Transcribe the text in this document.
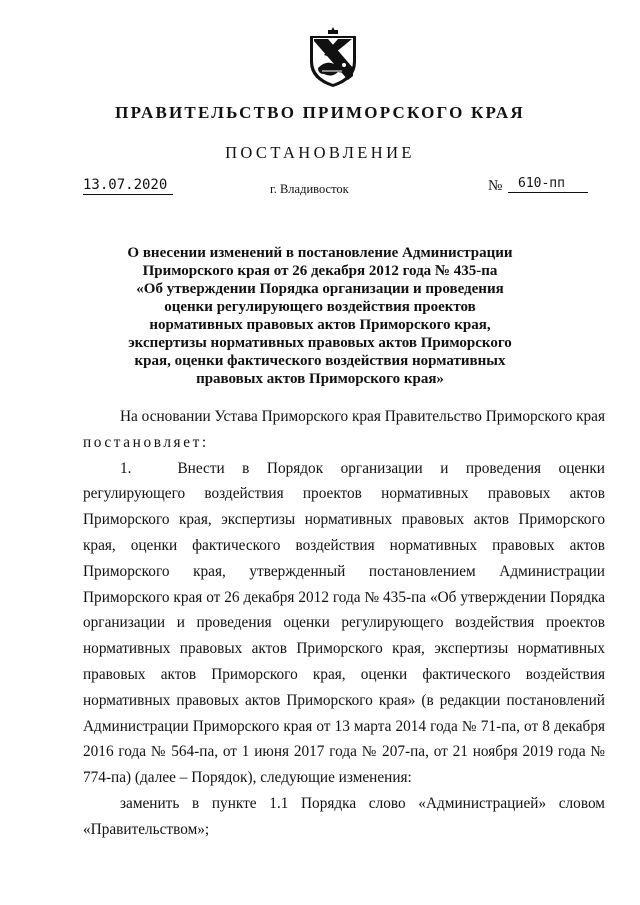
ПРАВИТЕЛЬСТВО ПРИМОРСКОГО КРАЯ
ПОСТАНОВЛЕНИЕ
13.07.2020	г. Владивосток	№	610-пп
О внесении изменений в постановление Администрации
Приморского края от 26 декабря 2012 года № 435-па
«Об утверждении Порядка организации и проведения
оценки регулирующего воздействия проектов
нормативных правовых актов Приморского края,
экспертизы нормативных правовых актов Приморского
края, оценки фактического воздействия нормативных
правовых актов Приморского края»

На основании Устава Приморского края Правительство Приморского края постановляет:

1.	Внести в Порядок организации и проведения оценки регулирующего воздействия проектов нормативных правовых актов Приморского края, экспертизы нормативных правовых актов Приморского края, оценки фактического воздействия нормативных правовых актов Приморского края, утвержденный постановлением Администрации Приморского края от 26 декабря 2012 года № 435-па «Об утверждении Порядка организации и проведения оценки регулирующего воздействия проектов нормативных правовых актов Приморского края, экспертизы нормативных правовых актов Приморского края, оценки фактического воздействия нормативных правовых актов Приморского края» (в редакции постановлений Администрации Приморского края от 13 марта 2014 года № 71-па, от 8 декабря 2016 года № 564-па, от 1 июня 2017 года № 207-па, от 21 ноября 2019 года № 774-па) (далее – Порядок), следующие изменения:

заменить в пункте 1.1 Порядка слово «Администрацией» словом «Правительством»;
